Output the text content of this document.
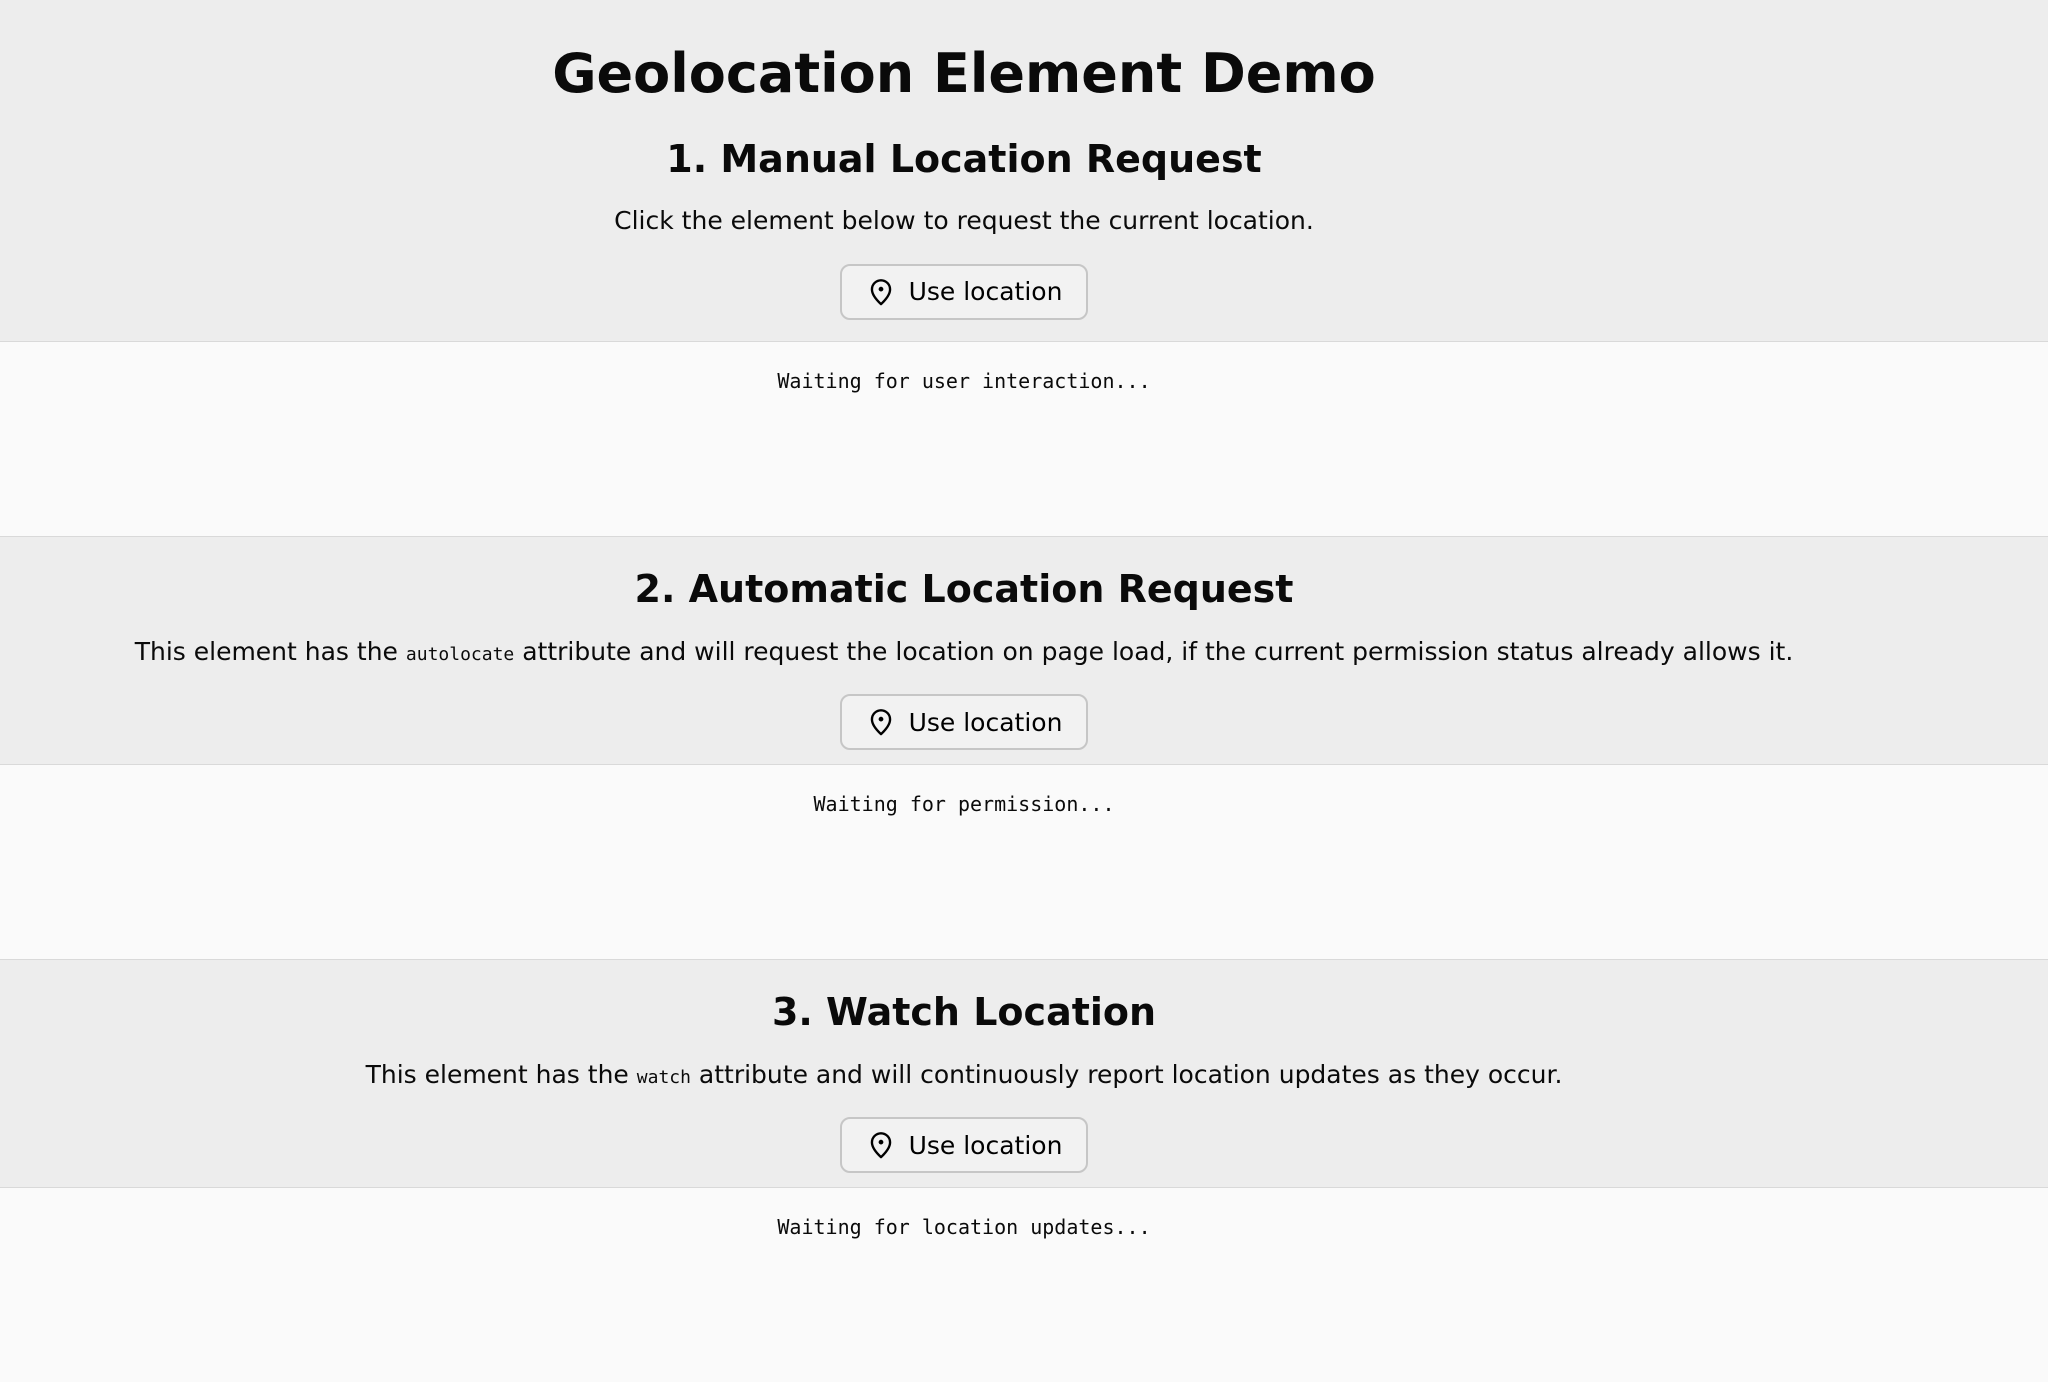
Geolocation Element Demo
1. Manual Location Request

Click the element below to request the current location.

Use location
Waiting for user interaction...
2. Automatic Location Request

This element has the autolocate attribute and will request the location on page load, if the current permission status already allows it.

Use location
Waiting for permission...
3. Watch Location

This element has the watch attribute and will continuously report location updates as they occur.

Use location
Waiting for location updates...
